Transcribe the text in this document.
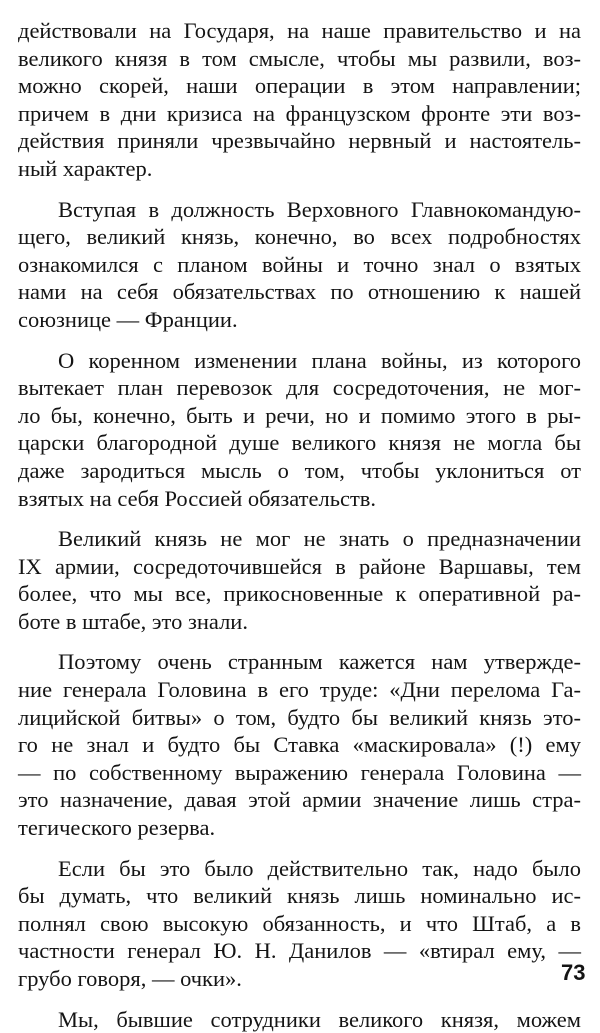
действовали на Государя, на наше правительство и на
великого князя в том смысле, чтобы мы развили, воз-
можно скорей, наши операции в этом направлении;
причем в дни кризиса на французском фронте эти воз-
действия приняли чрезвычайно нервный и настоятель-
ный характер.
Вступая в должность Верховного Главнокомандую-
щего, великий князь, конечно, во всех подробностях
ознакомился с планом войны и точно знал о взятых
нами на себя обязательствах по отношению к нашей
союзнице — Франции.
О коренном изменении плана войны, из которого
вытекает план перевозок для сосредоточения, не мог-
ло бы, конечно, быть и речи, но и помимо этого в ры-
царски благородной душе великого князя не могла бы
даже зародиться мысль о том, чтобы уклониться от
взятых на себя Россией обязательств.
Великий князь не мог не знать о предназначении
IX армии, сосредоточившейся в районе Варшавы, тем
более, что мы все, прикосновенные к оперативной ра-
боте в штабе, это знали.
Поэтому очень странным кажется нам утвержде-
ние генерала Головина в его труде: «Дни перелома Га-
лицийской битвы» о том, будто бы великий князь это-
го не знал и будто бы Ставка «маскировала» (!) ему
— по собственному выражению генерала Головина —
это назначение, давая этой армии значение лишь стра-
тегического резерва.
Если бы это было действительно так, надо было
бы думать, что великий князь лишь номинально ис-
полнял свою высокую обязанность, и что Штаб, а в
частности генерал Ю. Н. Данилов — «втирал ему, —
грубо говоря, — очки».
Мы, бывшие сотрудники великого князя, можем
73
